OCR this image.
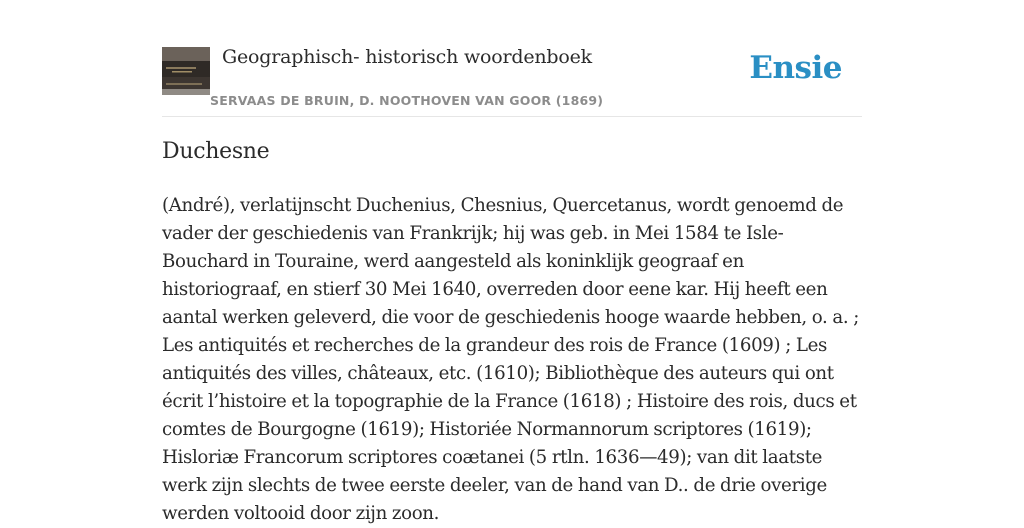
Geographisch- historisch woordenboek
SERVAAS DE BRUIN, D. NOOTHOVEN VAN GOOR (1869)
Ensie
Duchesne

(André), verlatijnscht Duchenius, Chesnius, Quercetanus, wordt genoemd de vader der geschiedenis van Frankrijk; hij was geb. in Mei 1584 te Isle-Bouchard in Touraine, werd aangesteld als koninklijk geograaf en historiograaf, en stierf 30 Mei 1640, overreden door eene kar. Hij heeft een aantal werken geleverd, die voor de geschiedenis hooge waarde hebben, o. a. ; Les antiquités et recherches de la grandeur des rois de France (1609) ; Les antiquités des villes, châteaux, etc. (1610); Bibliothèque des auteurs qui ont écrit l’histoire et la topographie de la France (1618) ; Histoire des rois, ducs et comtes de Bourgogne (1619); Historiée Normannorum scriptores (1619); Hisloriæ Francorum scriptores coætanei (5 rtln. 1636—49); van dit laatste werk zijn slechts de twee eerste deeler, van de hand van D.. de drie overige werden voltooid door zijn zoon.
